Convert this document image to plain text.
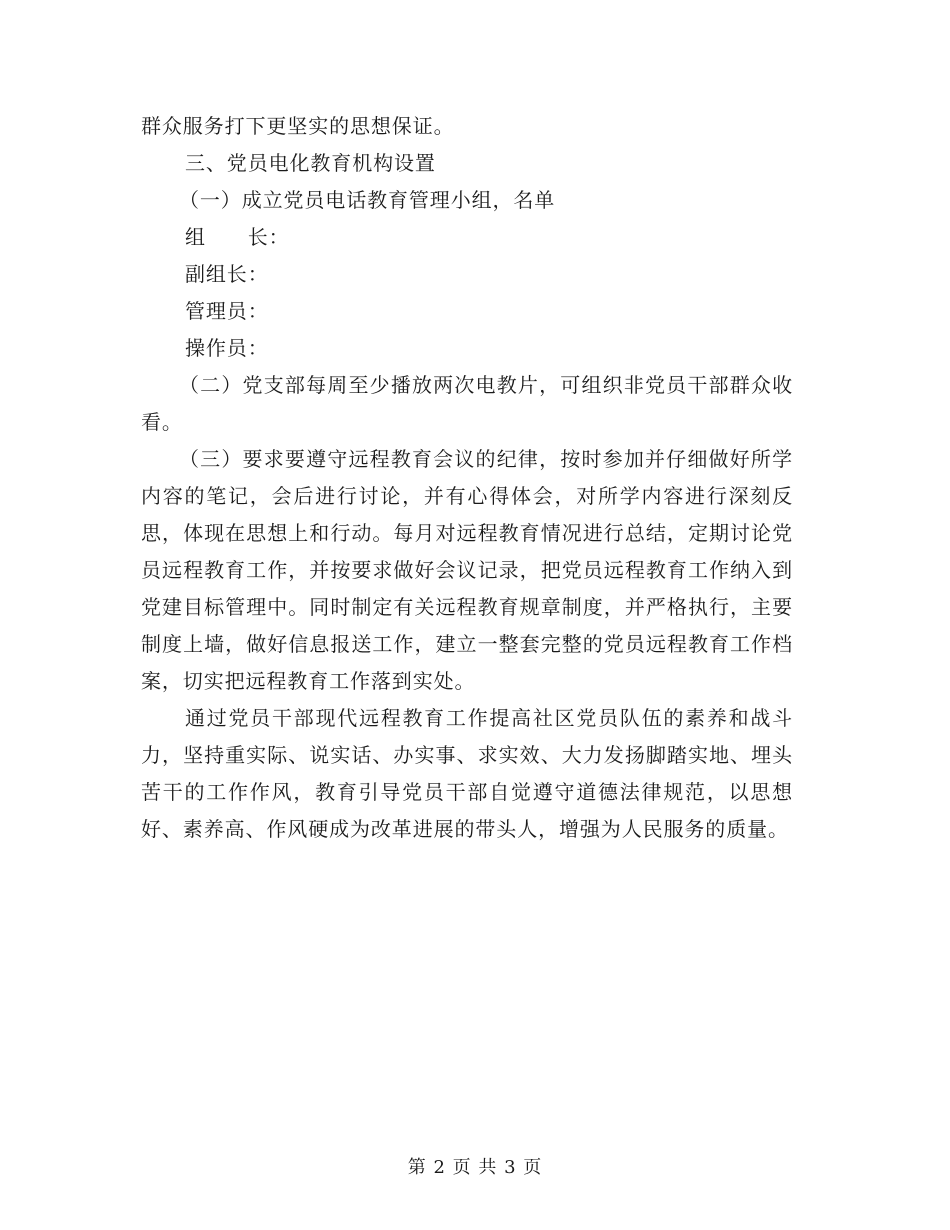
群众服务打下更坚实的思想保证。

三、党员电化教育机构设置

（一）成立党员电话教育管理小组，名单

组　　长：

副组长：

管理员：

操作员：

（二）党支部每周至少播放两次电教片，可组织非党员干部群众收看。

（三）要求要遵守远程教育会议的纪律，按时参加并仔细做好所学内容的笔记，会后进行讨论，并有心得体会，对所学内容进行深刻反思，体现在思想上和行动。每月对远程教育情况进行总结，定期讨论党员远程教育工作，并按要求做好会议记录，把党员远程教育工作纳入到党建目标管理中。同时制定有关远程教育规章制度，并严格执行，主要制度上墙，做好信息报送工作，建立一整套完整的党员远程教育工作档案，切实把远程教育工作落到实处。

通过党员干部现代远程教育工作提高社区党员队伍的素养和战斗力，坚持重实际、说实话、办实事、求实效、大力发扬脚踏实地、埋头苦干的工作作风，教育引导党员干部自觉遵守道德法律规范，以思想好、素养高、作风硬成为改革进展的带头人，增强为人民服务的质量。

第 2 页 共 3 页
